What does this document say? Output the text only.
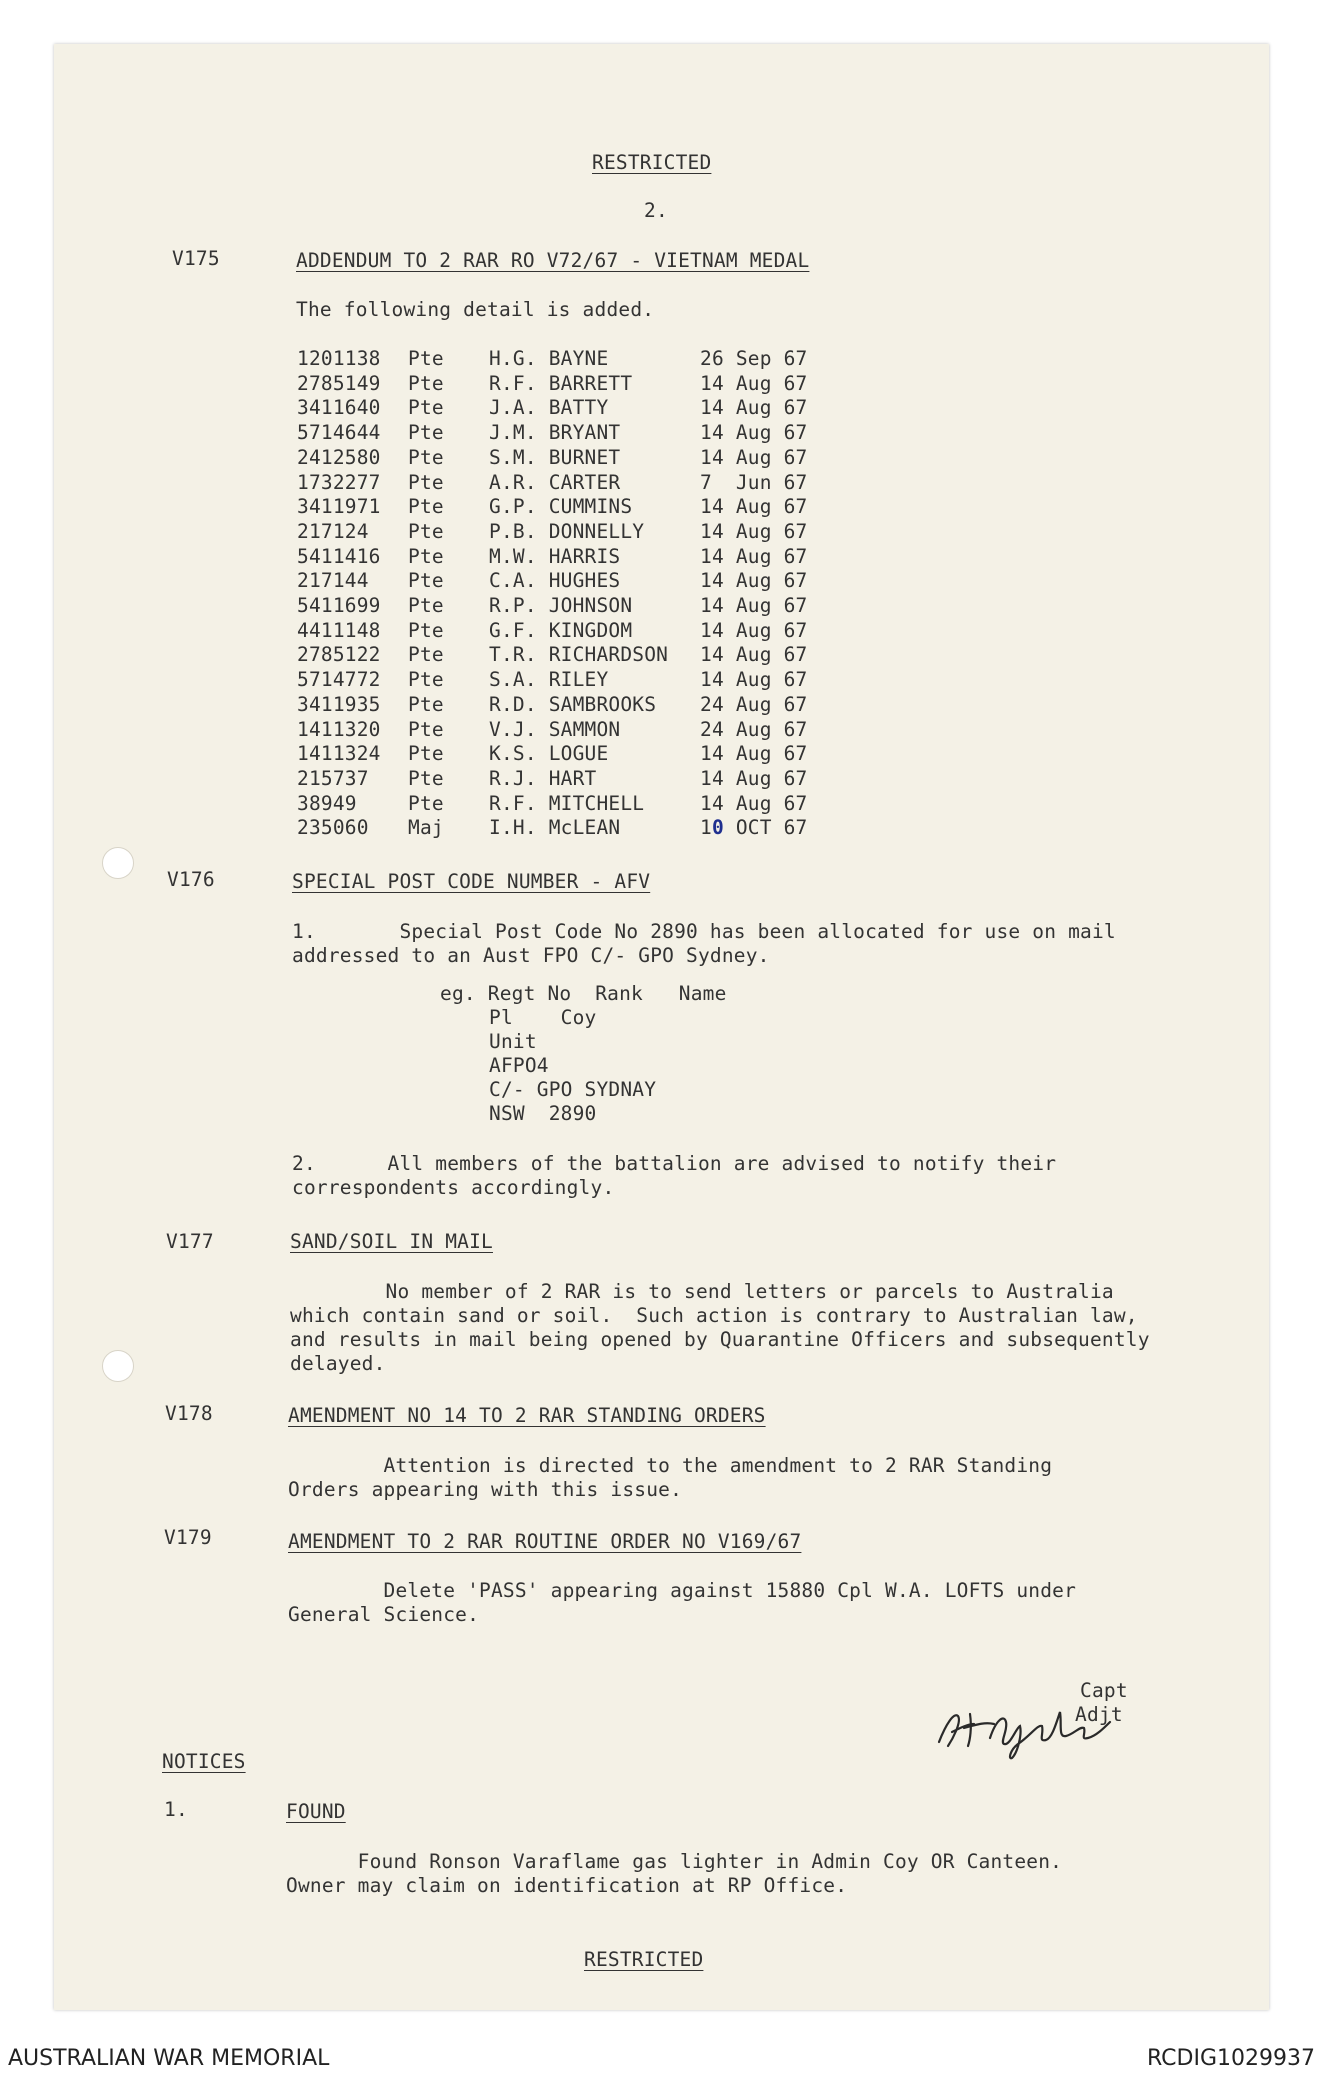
RESTRICTED
2.
V175	ADDENDUM TO 2 RAR RO V72/67 - VIETNAM MEDAL
The following detail is added.
1201138 Pte H.G. BAYNE	26 Sep 67
2785149 Pte R.F. BARRETT	14 Aug 67
3411640 Pte J.A. BATTY	14 Aug 67
5714644 Pte J.M. BRYANT	14 Aug 67
2412580 Pte S.M. BURNET	14 Aug 67
1732277 Pte A.R. CARTER	7  Jun 67
3411971 Pte G.P. CUMMINS	14 Aug 67
217124 Pte P.B. DONNELLY	14 Aug 67
5411416 Pte M.W. HARRIS	14 Aug 67
217144 Pte C.A. HUGHES	14 Aug 67
5411699 Pte R.P. JOHNSON	14 Aug 67
4411148 Pte G.F. KINGDOM	14 Aug 67
2785122 Pte T.R. RICHARDSON 14 Aug 67
5714772 Pte S.A. RILEY	14 Aug 67
3411935 Pte R.D. SAMBROOKS 24 Aug 67
1411320 Pte V.J. SAMMON	24 Aug 67
1411324 Pte K.S. LOGUE	14 Aug 67
215737 Pte R.J. HART	14 Aug 67
38949	Pte R.F. MITCHELL	14 Aug 67
235060 Maj I.H. McLEAN	10 OCT 67
V176	SPECIAL POST CODE NUMBER - AFV
1.       Special Post Code No 2890 has been allocated for use on mail
addressed to an Aust FPO C/- GPO Sydney.
eg. Regt No  Rank   Name
Pl    Coy
Unit
AFPO4
C/- GPO SYDNAY
NSW  2890
2.      All members of the battalion are advised to notify their
correspondents accordingly.
V177	SAND/SOIL IN MAIL
No member of 2 RAR is to send letters or parcels to Australia
which contain sand or soil.  Such action is contrary to Australian law,
and results in mail being opened by Quarantine Officers and subsequently
delayed.
V178	AMENDMENT NO 14 TO 2 RAR STANDING ORDERS
Attention is directed to the amendment to 2 RAR Standing
Orders appearing with this issue.
V179	AMENDMENT TO 2 RAR ROUTINE ORDER NO V169/67
Delete 'PASS' appearing against 15880 Cpl W.A. LOFTS under
General Science.
Capt
Adjt
NOTICES
1.	FOUND
Found Ronson Varaflame gas lighter in Admin Coy OR Canteen.
Owner may claim on identification at RP Office.
RESTRICTED
AUSTRALIAN WAR MEMORIAL	RCDIG1029937
